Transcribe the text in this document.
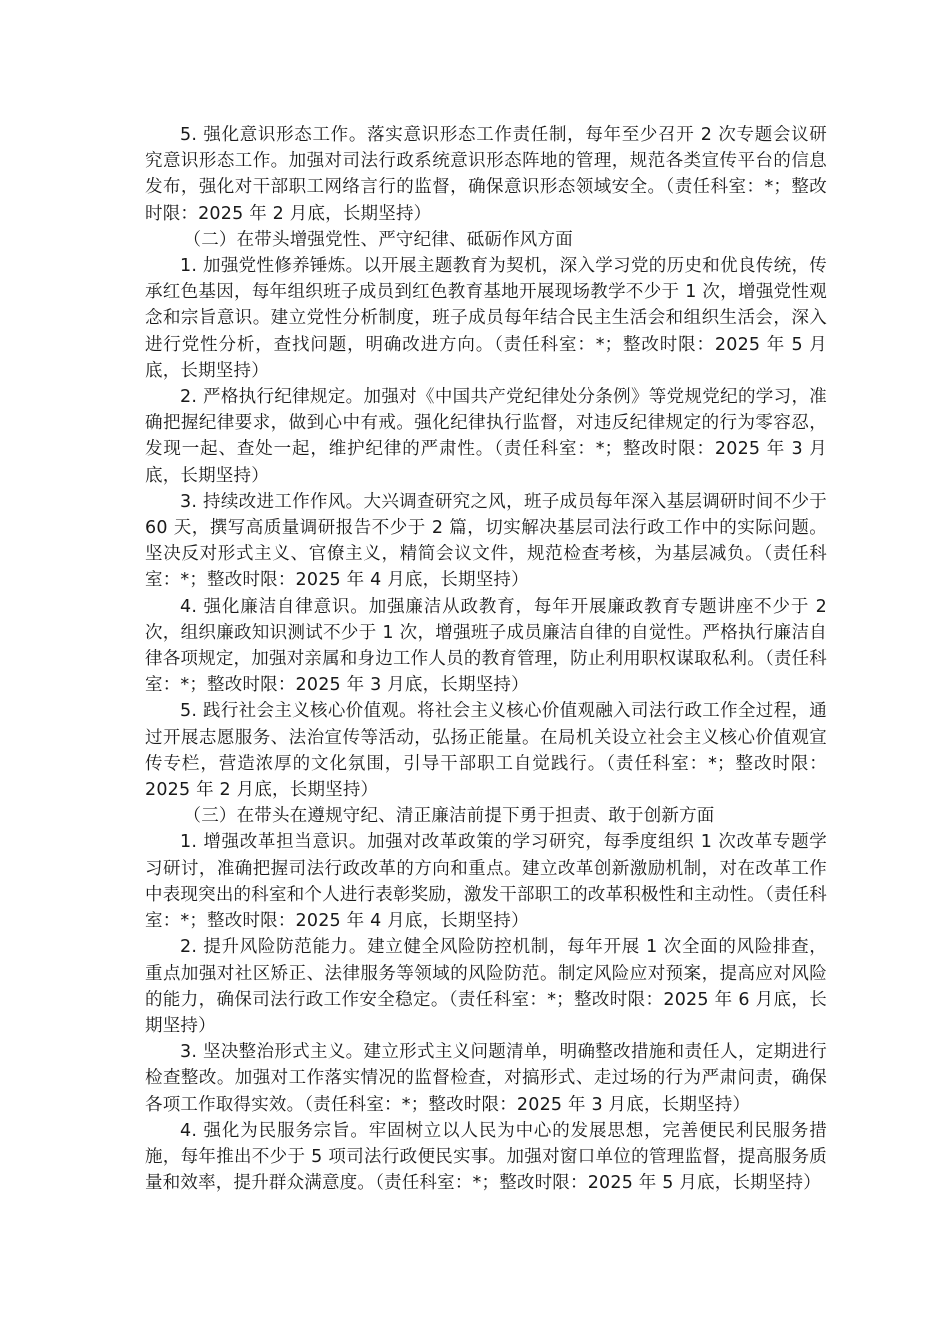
5. 强化意识形态工作。落实意识形态工作责任制，每年至少召开 2 次专题会议研究意识形态工作。加强对司法行政系统意识形态阵地的管理，规范各类宣传平台的信息发布，强化对干部职工网络言行的监督，确保意识形态领域安全。（责任科室：*；整改时限：2025 年 2 月底，长期坚持）

（二）在带头增强党性、严守纪律、砥砺作风方面

1. 加强党性修养锤炼。以开展主题教育为契机，深入学习党的历史和优良传统，传承红色基因，每年组织班子成员到红色教育基地开展现场教学不少于 1 次，增强党性观念和宗旨意识。建立党性分析制度，班子成员每年结合民主生活会和组织生活会，深入进行党性分析，查找问题，明确改进方向。（责任科室：*；整改时限：2025 年 5 月底，长期坚持）

2. 严格执行纪律规定。加强对《中国共产党纪律处分条例》等党规党纪的学习，准确把握纪律要求，做到心中有戒。强化纪律执行监督，对违反纪律规定的行为零容忍，发现一起、查处一起，维护纪律的严肃性。（责任科室：*；整改时限：2025 年 3 月底，长期坚持）

3. 持续改进工作作风。大兴调查研究之风，班子成员每年深入基层调研时间不少于 60 天，撰写高质量调研报告不少于 2 篇，切实解决基层司法行政工作中的实际问题。坚决反对形式主义、官僚主义，精简会议文件，规范检查考核，为基层减负。（责任科室：*；整改时限：2025 年 4 月底，长期坚持）

4. 强化廉洁自律意识。加强廉洁从政教育，每年开展廉政教育专题讲座不少于 2 次，组织廉政知识测试不少于 1 次，增强班子成员廉洁自律的自觉性。严格执行廉洁自律各项规定，加强对亲属和身边工作人员的教育管理，防止利用职权谋取私利。（责任科室：*；整改时限：2025 年 3 月底，长期坚持）

5. 践行社会主义核心价值观。将社会主义核心价值观融入司法行政工作全过程，通过开展志愿服务、法治宣传等活动，弘扬正能量。在局机关设立社会主义核心价值观宣传专栏，营造浓厚的文化氛围，引导干部职工自觉践行。（责任科室：*；整改时限：2025 年 2 月底，长期坚持）

（三）在带头在遵规守纪、清正廉洁前提下勇于担责、敢于创新方面

1. 增强改革担当意识。加强对改革政策的学习研究，每季度组织 1 次改革专题学习研讨，准确把握司法行政改革的方向和重点。建立改革创新激励机制，对在改革工作中表现突出的科室和个人进行表彰奖励，激发干部职工的改革积极性和主动性。（责任科室：*；整改时限：2025 年 4 月底，长期坚持）

2. 提升风险防范能力。建立健全风险防控机制，每年开展 1 次全面的风险排查，重点加强对社区矫正、法律服务等领域的风险防范。制定风险应对预案，提高应对风险的能力，确保司法行政工作安全稳定。（责任科室：*；整改时限：2025 年 6 月底，长期坚持）

3. 坚决整治形式主义。建立形式主义问题清单，明确整改措施和责任人，定期进行检查整改。加强对工作落实情况的监督检查，对搞形式、走过场的行为严肃问责，确保各项工作取得实效。（责任科室：*；整改时限：2025 年 3 月底，长期坚持）

4. 强化为民服务宗旨。牢固树立以人民为中心的发展思想，完善便民利民服务措施，每年推出不少于 5 项司法行政便民实事。加强对窗口单位的管理监督，提高服务质量和效率，提升群众满意度。（责任科室：*；整改时限：2025 年 5 月底，长期坚持）
